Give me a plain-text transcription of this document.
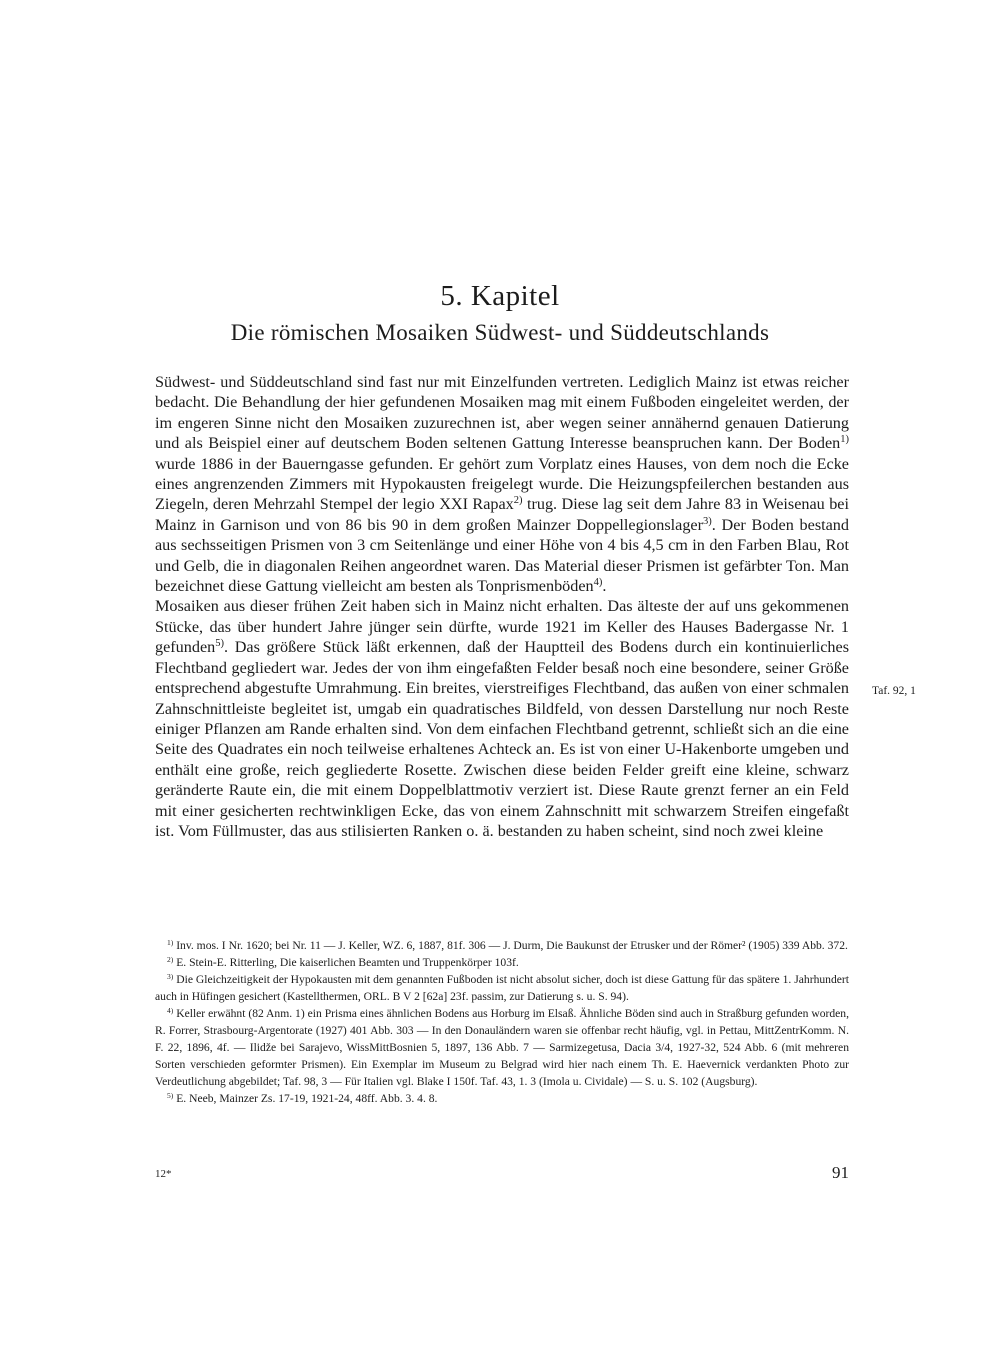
5. Kapitel
Die römischen Mosaiken Südwest- und Süddeutschlands

Südwest- und Süddeutschland sind fast nur mit Einzelfunden vertreten. Lediglich Mainz ist etwas reicher bedacht. Die Behandlung der hier gefundenen Mosaiken mag mit einem Fußboden eingeleitet werden, der im engeren Sinne nicht den Mosaiken zuzurechnen ist, aber wegen seiner annähernd genauen Datierung und als Beispiel einer auf deutschem Boden seltenen Gattung Interesse beanspruchen kann. Der Boden$^{1)}$ wurde 1886 in der Bauerngasse gefunden. Er gehört zum Vorplatz eines Hauses, von dem noch die Ecke eines angrenzenden Zimmers mit Hypokausten freigelegt wurde. Die Heizungspfeilerchen bestanden aus Ziegeln, deren Mehrzahl Stempel der legio XXI Rapax$^{2)}$ trug. Diese lag seit dem Jahre 83 in Weisenau bei Mainz in Garnison und von 86 bis 90 in dem großen Mainzer Doppellegionslager$^{3)}$. Der Boden bestand aus sechsseitigen Prismen von 3 cm Seitenlänge und einer Höhe von 4 bis 4,5 cm in den Farben Blau, Rot und Gelb, die in diagonalen Reihen angeordnet waren. Das Material dieser Prismen ist gefärbter Ton. Man bezeichnet diese Gattung vielleicht am besten als Tonprismenböden$^{4)}$.

Mosaiken aus dieser frühen Zeit haben sich in Mainz nicht erhalten. Das älteste der auf uns gekommenen Stücke, das über hundert Jahre jünger sein dürfte, wurde 1921 im Keller des Hauses Badergasse Nr. 1 gefunden$^{5)}$. Das größere Stück läßt erkennen, daß der Hauptteil des Bodens durch ein kontinuierliches Flechtband gegliedert war. Jedes der von ihm eingefaßten Felder besaß noch eine besondere, seiner Größe entsprechend abgestufte Umrahmung. Ein breites, vierstreifiges Flechtband, das außen von einer schmalen Zahnschnittleiste begleitet ist, umgab ein quadratisches Bildfeld, von dessen Darstellung nur noch Reste einiger Pflanzen am Rande erhalten sind. Von dem einfachen Flechtband getrennt, schließt sich an die eine Seite des Quadrates ein noch teilweise erhaltenes Achteck an. Es ist von einer U-Hakenborte umgeben und enthält eine große, reich gegliederte Rosette. Zwischen diese beiden Felder greift eine kleine, schwarz geränderte Raute ein, die mit einem Doppelblattmotiv verziert ist. Diese Raute grenzt ferner an ein Feld mit einer gesicherten rechtwinkligen Ecke, das von einem Zahnschnitt mit schwarzem Streifen eingefaßt ist. Vom Füllmuster, das aus stilisierten Ranken o. ä. bestanden zu haben scheint, sind noch zwei kleine

Taf. 92, 1

$^{1)}$ Inv. mos. I Nr. 1620; bei Nr. 11 — J. Keller, WZ. 6, 1887, 81f. 306 — J. Durm, Die Baukunst der Etrusker und der Römer² (1905) 339 Abb. 372.

$^{2)}$ E. Stein-E. Ritterling, Die kaiserlichen Beamten und Truppenkörper 103f.

$^{3)}$ Die Gleichzeitigkeit der Hypokausten mit dem genannten Fußboden ist nicht absolut sicher, doch ist diese Gattung für das spätere 1. Jahrhundert auch in Hüfingen gesichert (Kastellthermen, ORL. B V 2 [62a] 23f. passim, zur Datierung s. u. S. 94).

$^{4)}$ Keller erwähnt (82 Anm. 1) ein Prisma eines ähnlichen Bodens aus Horburg im Elsaß. Ähnliche Böden sind auch in Straßburg gefunden worden, R. Forrer, Strasbourg-Argentorate (1927) 401 Abb. 303 — In den Donauländern waren sie offenbar recht häufig, vgl. in Pettau, MittZentrKomm. N. F. 22, 1896, 4f. — Ilidže bei Sarajevo, WissMittBosnien 5, 1897, 136 Abb. 7 — Sarmizegetusa, Dacia 3/4, 1927-32, 524 Abb. 6 (mit mehreren Sorten verschieden geformter Prismen). Ein Exemplar im Museum zu Belgrad wird hier nach einem Th. E. Haevernick verdankten Photo zur Verdeutlichung abgebildet; Taf. 98, 3 — Für Italien vgl. Blake I 150f. Taf. 43, 1. 3 (Imola u. Cividale) — S. u. S. 102 (Augsburg).

$^{5)}$ E. Neeb, Mainzer Zs. 17-19, 1921-24, 48ff. Abb. 3. 4. 8.

12*	91
